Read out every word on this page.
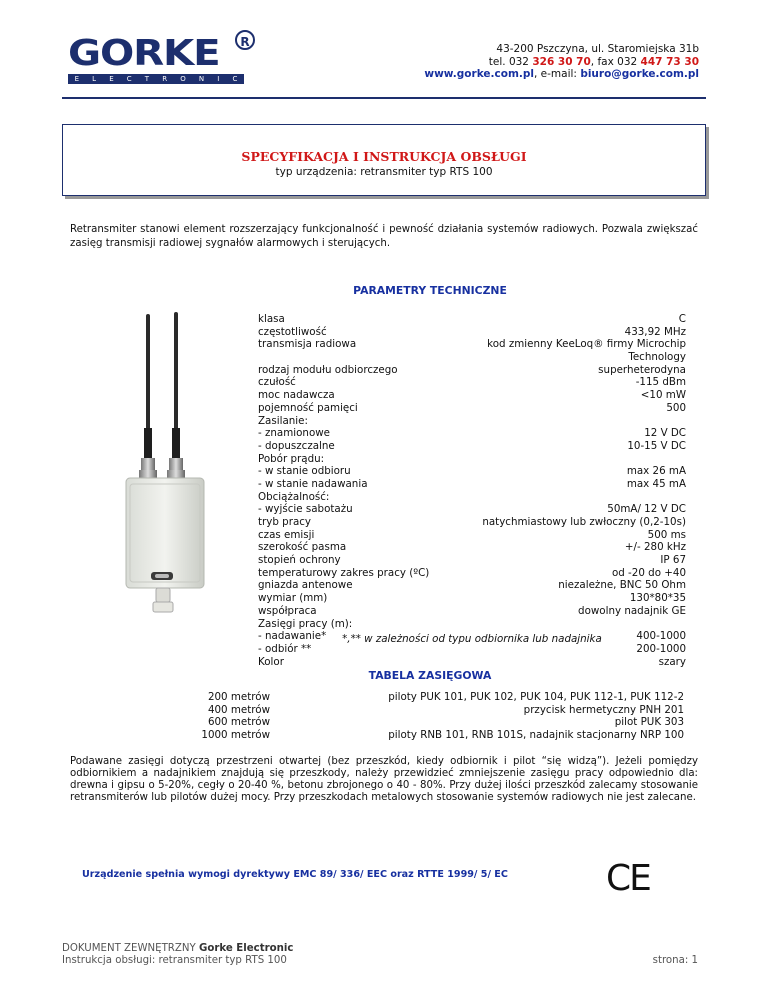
GORKE
E L E C T R O N I C
R	43-200 Pszczyna, ul. Staromiejska 31b
tel. 032 326 30 70, fax 032 447 73 30
www.gorke.com.pl, e-mail: biuro@gorke.com.pl
SPECYFIKACJA I INSTRUKCJA OBSŁUGI
typ urządzenia: retransmiter typ RTS 100
Retransmiter stanowi element rozszerzający funkcjonalność i pewność działania systemów radiowych. Pozwala zwiększać zasięg transmisji radiowej sygnałów alarmowych i sterujących.
PARAMETRY TECHNICZNE
klasa	C
częstotliwość	433,92 MHz
transmisja radiowa	kod zmienny KeeLoq® firmy Microchip Technology
rodzaj modułu odbiorczego	superheterodyna
czułość	-115 dBm
moc nadawcza	<10 mW
pojemność pamięci	500
Zasilanie:
- znamionowe	12 V DC
- dopuszczalne	10-15 V DC
Pobór prądu:
- w stanie odbioru	max 26 mA
- w stanie nadawania	max 45 mA
Obciążalność:
- wyjście sabotażu	50mA/ 12 V DC
tryb pracy	natychmiastowy lub zwłoczny (0,2-10s)
czas emisji	500 ms
szerokość pasma	+/- 280 kHz
stopień ochrony	IP 67
temperaturowy zakres pracy (ºC)	od -20 do +40
gniazda antenowe	niezależne, BNC 50 Ohm
wymiar (mm)	130*80*35
współpraca	dowolny nadajnik GE
Zasięgi pracy (m):
- nadawanie*	400-1000
- odbiór **	200-1000
Kolor	szary
*,** w zależności od typu odbiornika lub nadajnika
TABELA ZASIĘGOWA
200 metrów	piloty PUK 101, PUK 102, PUK 104, PUK 112-1, PUK 112-2
400 metrów	przycisk hermetyczny PNH 201
600 metrów	pilot PUK 303
1000 metrów	piloty RNB 101, RNB 101S, nadajnik stacjonarny NRP 100
Podawane zasięgi dotyczą przestrzeni otwartej (bez przeszkód, kiedy odbiornik i pilot “się widzą”). Jeżeli pomiędzy odbiornikiem a nadajnikiem znajdują się przeszkody, należy przewidzieć zmniejszenie zasięgu pracy odpowiednio dla: drewna i gipsu o 5-20%, cegły o 20-40 %, betonu zbrojonego o 40 - 80%. Przy dużej ilości przeszkód zalecamy stosowanie retransmiterów lub pilotów dużej mocy. Przy przeszkodach metalowych stosowanie systemów radiowych nie jest zalecane.
Urządzenie spełnia wymogi dyrektywy EMC 89/ 336/ EEC oraz RTTE 1999/ 5/ EC	CE
DOKUMENT ZEWNĘTRZNY Gorke Electronic
Instrukcja obsługi: retransmiter typ RTS 100	strona: 1
